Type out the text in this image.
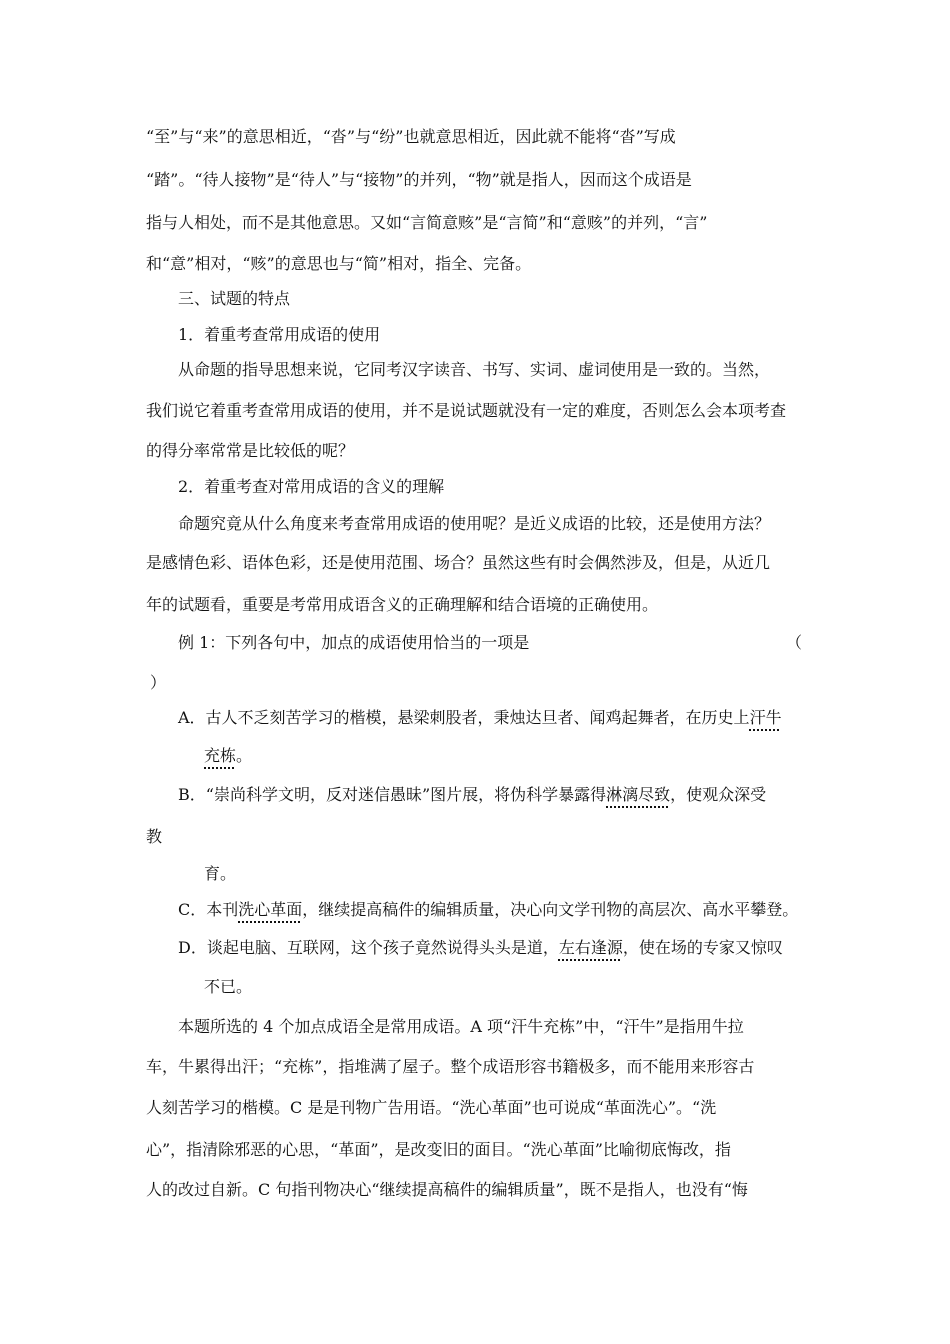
“至”与“来”的意思相近，“沓”与“纷”也就意思相近，因此就不能将“沓”写成
“踏”。“待人接物”是“待人”与“接物”的并列，“物”就是指人，因而这个成语是
指与人相处，而不是其他意思。又如“言简意赅”是“言简”和“意赅”的并列，“言”
和“意”相对，“赅”的意思也与“简”相对，指全、完备。
三、试题的特点
1．着重考查常用成语的使用
从命题的指导思想来说，它同考汉字读音、书写、实词、虚词使用是一致的。当然，
我们说它着重考查常用成语的使用，并不是说试题就没有一定的难度，否则怎么会本项考查
的得分率常常是比较低的呢？
2．着重考查对常用成语的含义的理解
命题究竟从什么角度来考查常用成语的使用呢？是近义成语的比较，还是使用方法？
是感情色彩、语体色彩，还是使用范围、场合？虽然这些有时会偶然涉及，但是，从近几
年的试题看，重要是考常用成语含义的正确理解和结合语境的正确使用。
例 1：下列各句中，加点的成语使用恰当的一项是	（
）
A．古人不乏刻苦学习的楷模，悬梁刺股者，秉烛达旦者、闻鸡起舞者，在历史上汗牛
充栋。
B．“崇尚科学文明，反对迷信愚昧”图片展，将伪科学暴露得淋漓尽致，使观众深受
教
育。
C．本刊洗心革面，继续提高稿件的编辑质量，决心向文学刊物的高层次、高水平攀登。
D．谈起电脑、互联网，这个孩子竟然说得头头是道，左右逢源，使在场的专家又惊叹
不已。
本题所选的 4 个加点成语全是常用成语。A 项“汗牛充栋”中，“汗牛”是指用牛拉
车，牛累得出汗；“充栋”，指堆满了屋子。整个成语形容书籍极多，而不能用来形容古
人刻苦学习的楷模。C 是是刊物广告用语。“洗心革面”也可说成“革面洗心”。“洗
心”，指清除邪恶的心思，“革面”，是改变旧的面目。“洗心革面”比喻彻底悔改，指
人的改过自新。C 句指刊物决心“继续提高稿件的编辑质量”，既不是指人，也没有“悔
